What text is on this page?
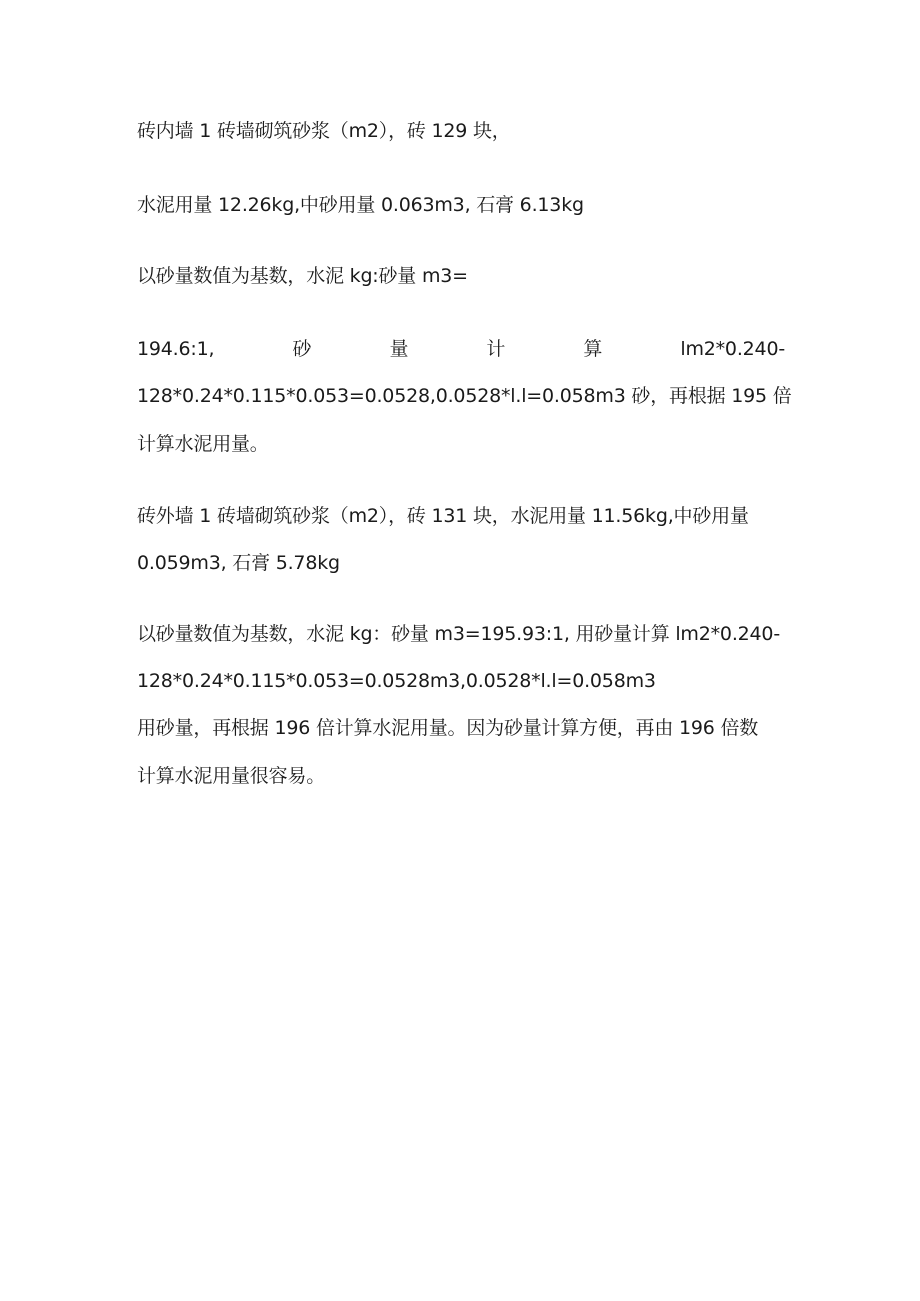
砖内墙 1 砖墙砌筑砂浆（m2），砖 129 块，
水泥用量 12.26kg,中砂用量 0.063m3, 石膏 6.13kg
以砂量数值为基数，水泥 kg:砂量 m3=
194.6:1,	砂	量	计	算	lm2*0.240-
128*0.24*0.115*0.053=0.0528,0.0528*l.l=0.058m3 砂，再根据 195 倍
计算水泥用量。
砖外墙 1 砖墙砌筑砂浆（m2），砖 131 块，水泥用量 11.56kg,中砂用量
0.059m3, 石膏 5.78kg
以砂量数值为基数，水泥 kg：砂量 m3=195.93:1, 用砂量计算 lm2*0.240-
128*0.24*0.115*0.053=0.0528m3,0.0528*l.l=0.058m3
用砂量，再根据 196 倍计算水泥用量。因为砂量计算方便，再由 196 倍数
计算水泥用量很容易。
